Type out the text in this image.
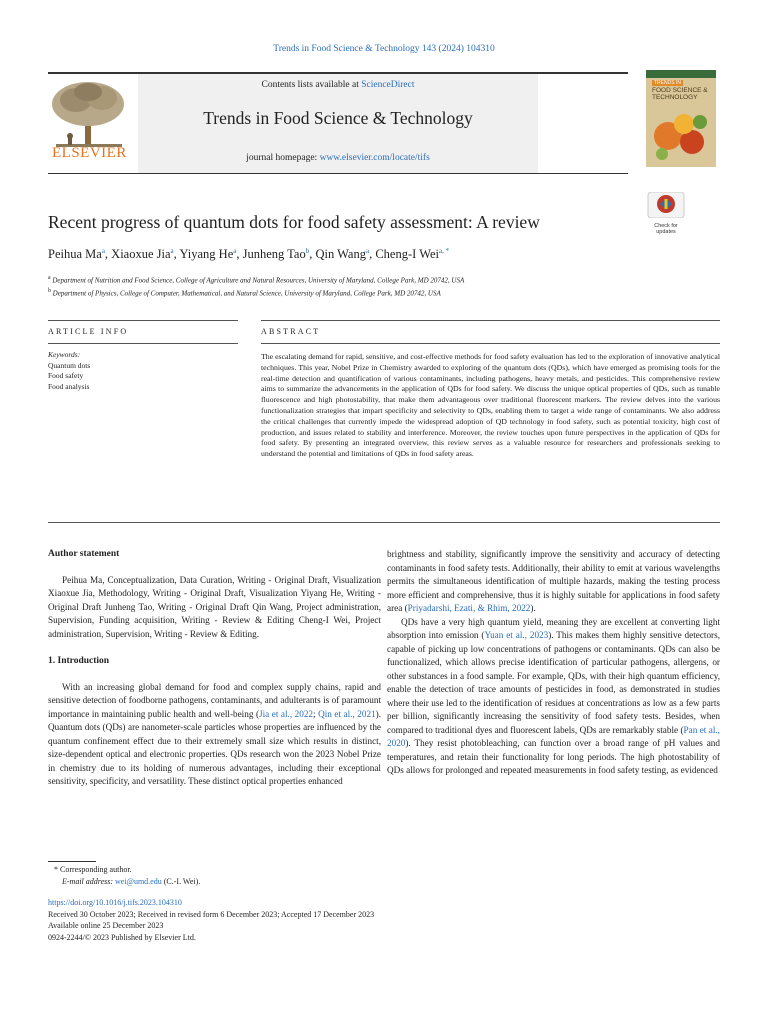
Trends in Food Science & Technology 143 (2024) 104310
ELSEVIER
Contents lists available at ScienceDirect
Trends in Food Science & Technology
journal homepage: www.elsevier.com/locate/tifs
TRENDS IN
FOOD SCIENCE & TECHNOLOGY
Recent progress of quantum dots for food safety assessment: A review	Check for
updates
Peihua Ma$^a$, Xiaoxue Jia$^a$, Yiyang He$^a$, Junheng Tao$^b$, Qin Wang$^a$, Cheng-I Wei$^{a, *}$
$^a$ Department of Nutrition and Food Science, College of Agriculture and Natural Resources, University of Maryland, College Park, MD 20742, USA
$^b$ Department of Physics, College of Computer, Mathematical, and Natural Science, University of Maryland, College Park, MD 20742, USA
ARTICLE INFO	ABSTRACT
Keywords:
Quantum dots
Food safety
Food analysis
The escalating demand for rapid, sensitive, and cost-effective methods for food safety evaluation has led to the exploration of innovative analytical techniques. This year, Nobel Prize in Chemistry awarded to exploring of the quantum dots (QDs), which have emerged as promising tools for the real-time detection and quantification of various contaminants, including pathogens, heavy metals, and pesticides. This comprehensive review aims to summarize the advancements in the application of QDs for food safety. We discuss the unique optical properties of QDs, such as tunable fluorescence and high photostability, that make them advantageous over traditional fluorescent markers. The review delves into the various functionalization strategies that impart specificity and selectivity to QDs, enabling them to target a wide range of contaminants. We also address the critical challenges that currently impede the widespread adoption of QD technology in food safety, such as potential toxicity, high cost of production, and issues related to stability and interference. Moreover, the review touches upon future perspectives in the application of QDs for food safety. By presenting an integrated overview, this review serves as a valuable resource for researchers and professionals seeking to understand the potential and limitations of QDs in food safety areas.
Author statement

Peihua Ma, Conceptualization, Data Curation, Writing - Original Draft, Visualization Xiaoxue Jia, Methodology, Writing - Original Draft, Visualization Yiyang He, Writing - Original Draft Junheng Tao, Writing - Original Draft Qin Wang, Project administration, Supervision, Funding acquisition, Writing - Review & Editing Cheng-I Wei, Project administration, Supervision, Writing - Review & Editing.

1. Introduction

With an increasing global demand for food and complex supply chains, rapid and sensitive detection of foodborne pathogens, contaminants, and adulterants is of paramount importance in maintaining public health and well-being (Jia et al., 2022; Qin et al., 2021). Quantum dots (QDs) are nanometer-scale particles whose properties are influenced by the quantum confinement effect due to their extremely small size which results in distinct, size-dependent optical and electronic properties. QDs research won the 2023 Nobel Prize in chemistry due to its holding of numerous advantages, including their exceptional sensitivity, specificity, and versatility. These distinct optical properties enhanced

brightness and stability, significantly improve the sensitivity and accuracy of detecting contaminants in food safety tests. Additionally, their ability to emit at various wavelengths permits the simultaneous identification of multiple hazards, making the testing process more efficient and comprehensive, thus it is highly suitable for applications in food safety area (Priyadarshi, Ezati, & Rhim, 2022).

QDs have a very high quantum yield, meaning they are excellent at converting light absorption into emission (Yuan et al., 2023). This makes them highly sensitive detectors, capable of picking up low concentrations of pathogens or contaminants. QDs can also be functionalized, which allows precise identification of particular pathogens, allergens, or other substances in a food sample. For example, QDs, with their high quantum efficiency, enable the detection of trace amounts of pesticides in food, as demonstrated in studies where their use led to the identification of residues at concentrations as low as a few parts per billion, significantly increasing the sensitivity of food safety tests. Besides, when compared to traditional dyes and fluorescent labels, QDs are remarkably stable (Pan et al., 2020). They resist photobleaching, can function over a broad range of pH values and temperatures, and retain their functionality for long periods. The high photostability of QDs allows for prolonged and repeated measurements in food safety testing, as evidenced

* Corresponding author.
E-mail address: wei@umd.edu (C.-I. Wei).
https://doi.org/10.1016/j.tifs.2023.104310
Received 30 October 2023; Received in revised form 6 December 2023; Accepted 17 December 2023
Available online 25 December 2023
0924-2244/© 2023 Published by Elsevier Ltd.
